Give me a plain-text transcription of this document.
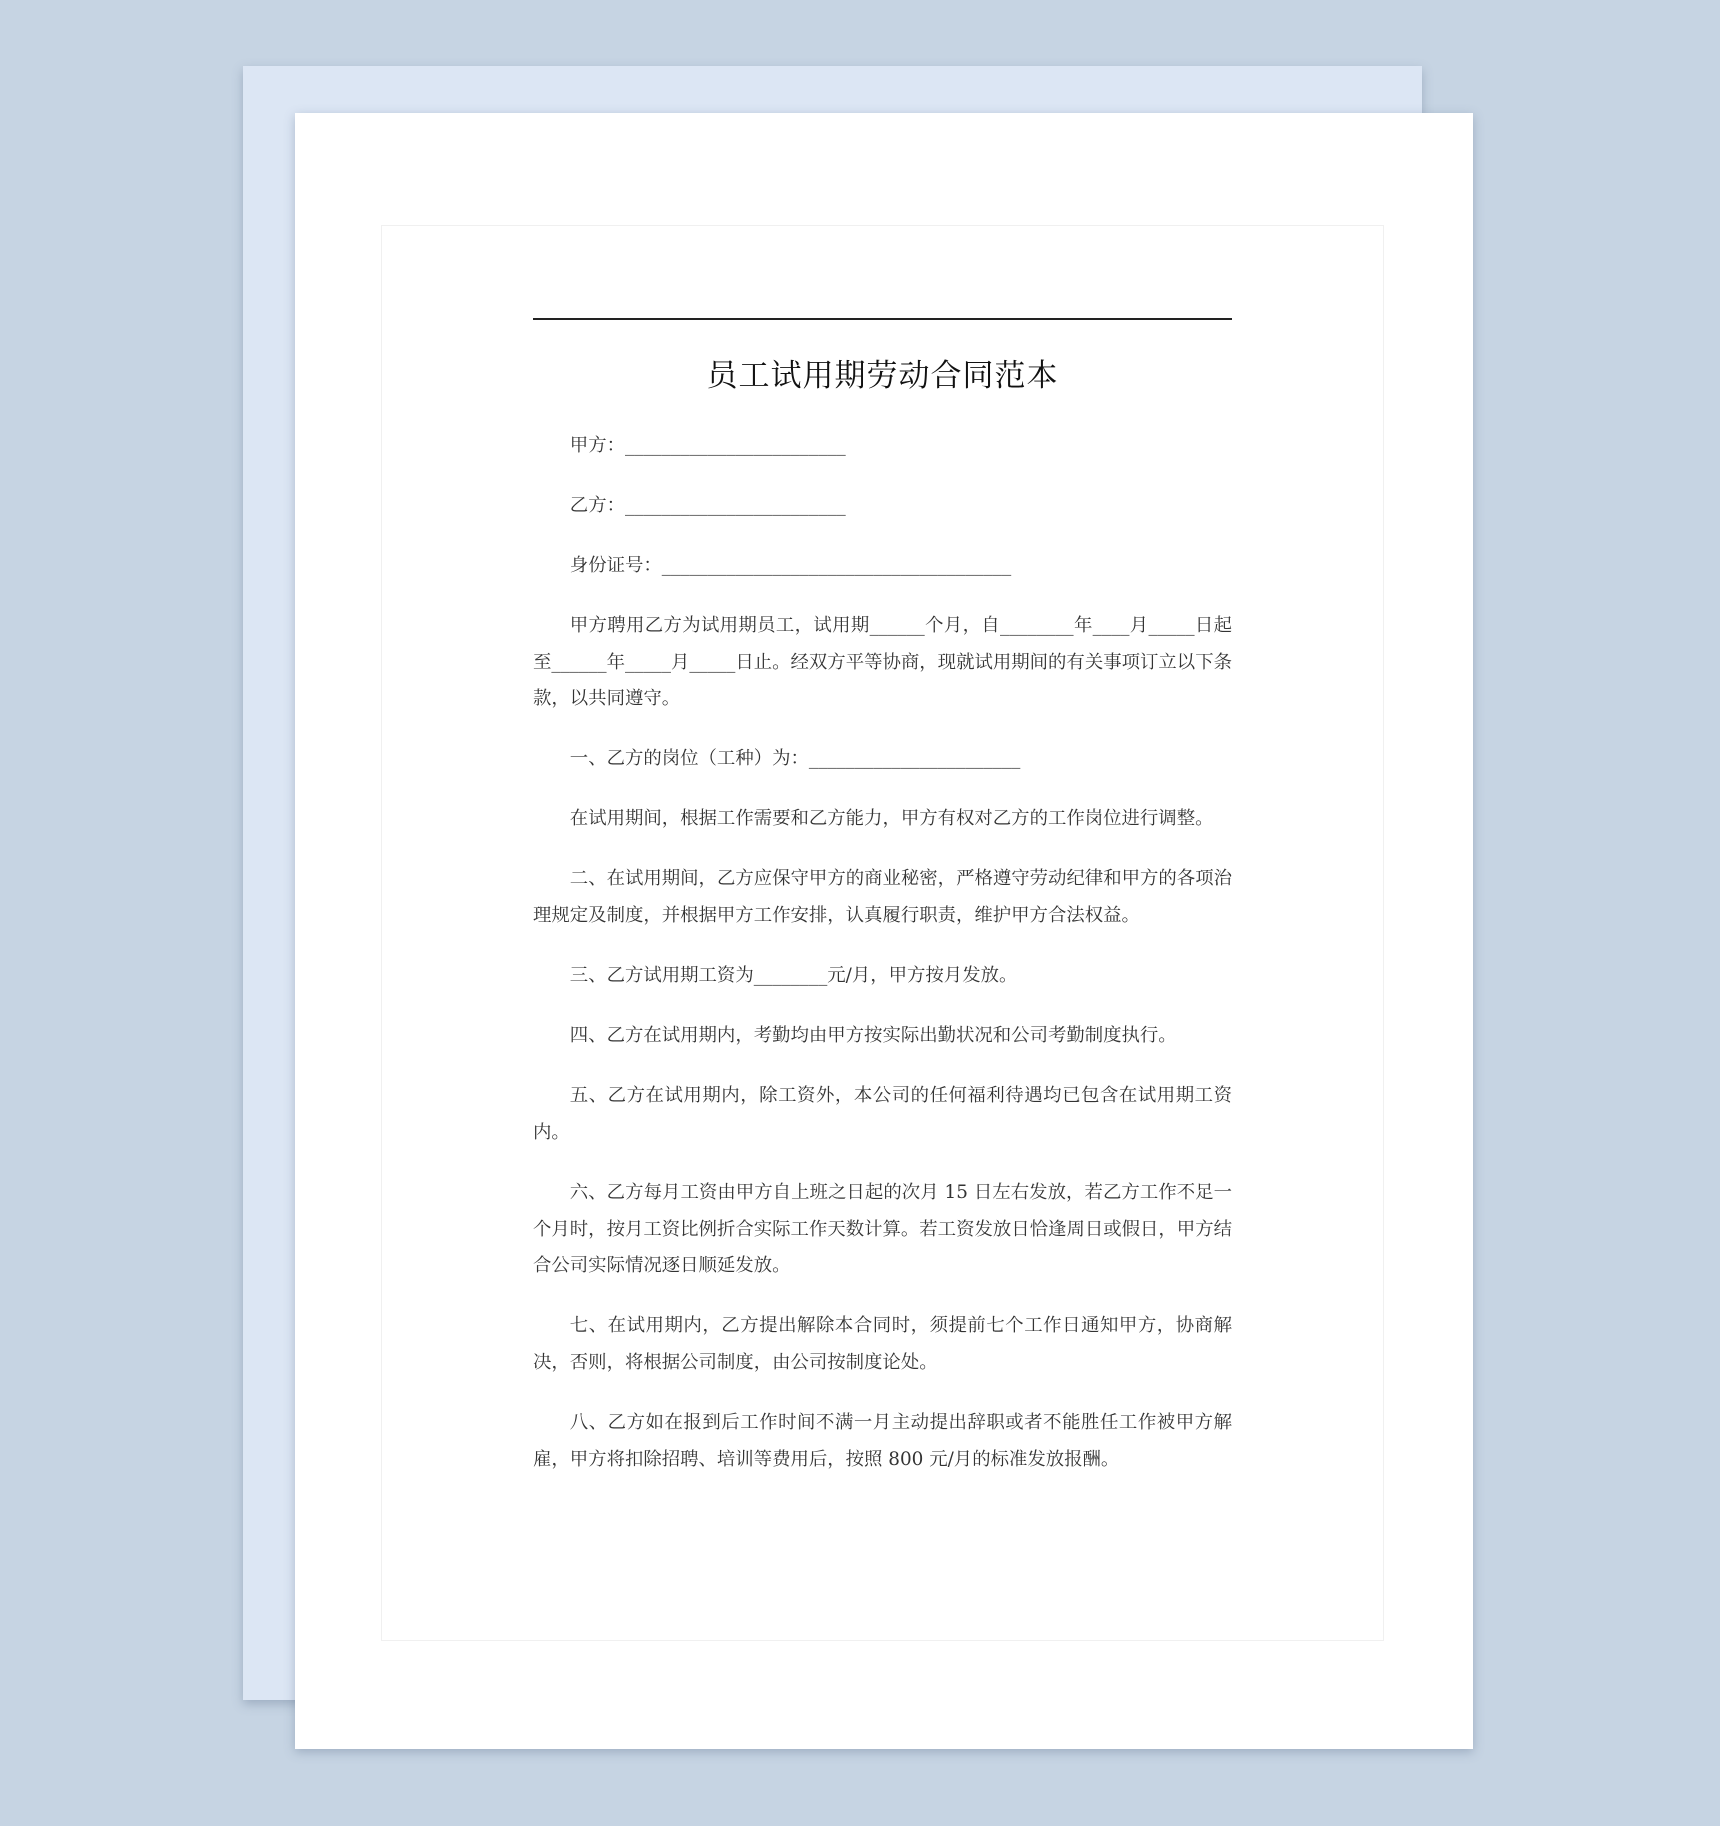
员工试用期劳动合同范本

甲方：________________________

乙方：________________________

身份证号：______________________________________

甲方聘用乙方为试用期员工，试用期______个月，自________年____月_____日起至______年_____月_____日止。经双方平等协商，现就试用期间的有关事项订立以下条款，以共同遵守。

一、乙方的岗位（工种）为：_______________________

在试用期间，根据工作需要和乙方能力，甲方有权对乙方的工作岗位进行调整。

二、在试用期间，乙方应保守甲方的商业秘密，严格遵守劳动纪律和甲方的各项治理规定及制度，并根据甲方工作安排，认真履行职责，维护甲方合法权益。

三、乙方试用期工资为________元/月，甲方按月发放。

四、乙方在试用期内，考勤均由甲方按实际出勤状况和公司考勤制度执行。

五、乙方在试用期内，除工资外，本公司的任何福利待遇均已包含在试用期工资内。

六、乙方每月工资由甲方自上班之日起的次月 15 日左右发放，若乙方工作不足一个月时，按月工资比例折合实际工作天数计算。若工资发放日恰逢周日或假日，甲方结合公司实际情况逐日顺延发放。

七、在试用期内，乙方提出解除本合同时，须提前七个工作日通知甲方，协商解决，否则，将根据公司制度，由公司按制度论处。

八、乙方如在报到后工作时间不满一月主动提出辞职或者不能胜任工作被甲方解雇，甲方将扣除招聘、培训等费用后，按照 800 元/月的标准发放报酬。
